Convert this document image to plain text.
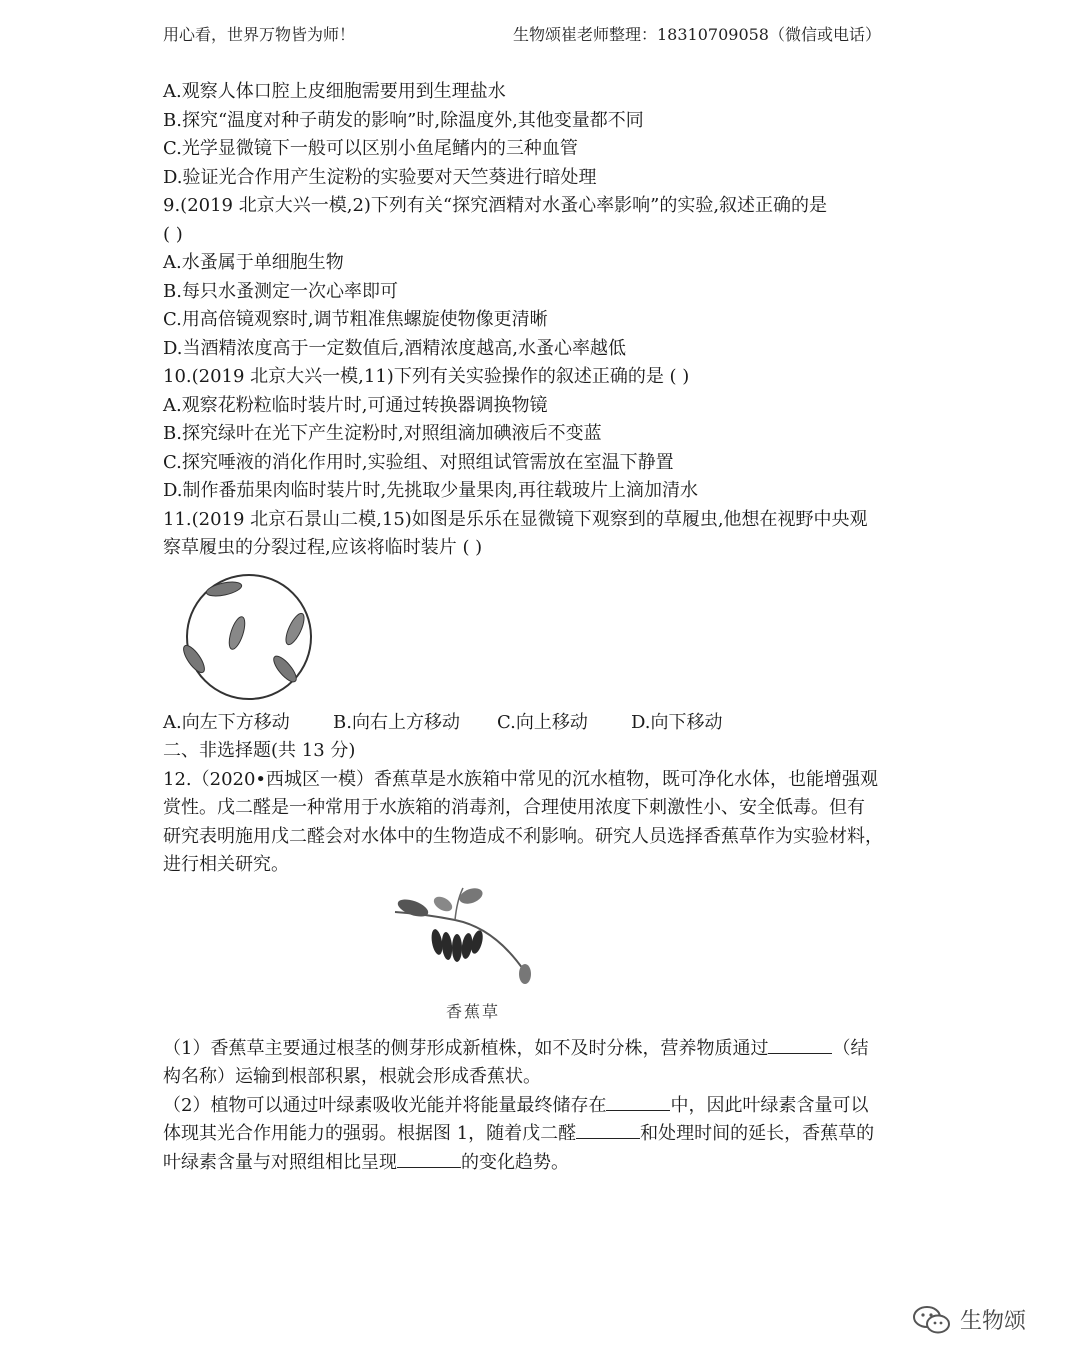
用心看，世界万物皆为师！	生物颂崔老师整理：18310709058（微信或电话）
A.观察人体口腔上皮细胞需要用到生理盐水
B.探究“温度对种子萌发的影响”时,除温度外,其他变量都不同
C.光学显微镜下一般可以区别小鱼尾鳍内的三种血管
D.验证光合作用产生淀粉的实验要对天竺葵进行暗处理
9.(2019 北京大兴一模,2)下列有关“探究酒精对水蚤心率影响”的实验,叙述正确的是
( )
A.水蚤属于单细胞生物
B.每只水蚤测定一次心率即可
C.用高倍镜观察时,调节粗准焦螺旋使物像更清晰
D.当酒精浓度高于一定数值后,酒精浓度越高,水蚤心率越低
10.(2019 北京大兴一模,11)下列有关实验操作的叙述正确的是 ( )
A.观察花粉粒临时装片时,可通过转换器调换物镜
B.探究绿叶在光下产生淀粉时,对照组滴加碘液后不变蓝
C.探究唾液的消化作用时,实验组、对照组试管需放在室温下静置
D.制作番茄果肉临时装片时,先挑取少量果肉,再往载玻片上滴加清水
11.(2019 北京石景山二模,15)如图是乐乐在显微镜下观察到的草履虫,他想在视野中央观
察草履虫的分裂过程,应该将临时装片 ( )
A.向左下方移动 B.向右上方移动 C.向上移动 D.向下移动
二、非选择题(共 13 分)
12.（2020•西城区一模）香蕉草是水族箱中常见的沉水植物，既可净化水体，也能增强观
赏性。戊二醛是一种常用于水族箱的消毒剂，合理使用浓度下刺激性小、安全低毒。但有
研究表明施用戊二醛会对水体中的生物造成不利影响。研究人员选择香蕉草作为实验材料，
进行相关研究。
香蕉草
（1）香蕉草主要通过根茎的侧芽形成新植株，如不及时分株，营养物质通过	（结
构名称）运输到根部积累，根就会形成香蕉状。
（2）植物可以通过叶绿素吸收光能并将能量最终储存在	中，因此叶绿素含量可以
体现其光合作用能力的强弱。根据图 1，随着戊二醛	和处理时间的延长，香蕉草的
叶绿素含量与对照组相比呈现	的变化趋势。
生物颂
